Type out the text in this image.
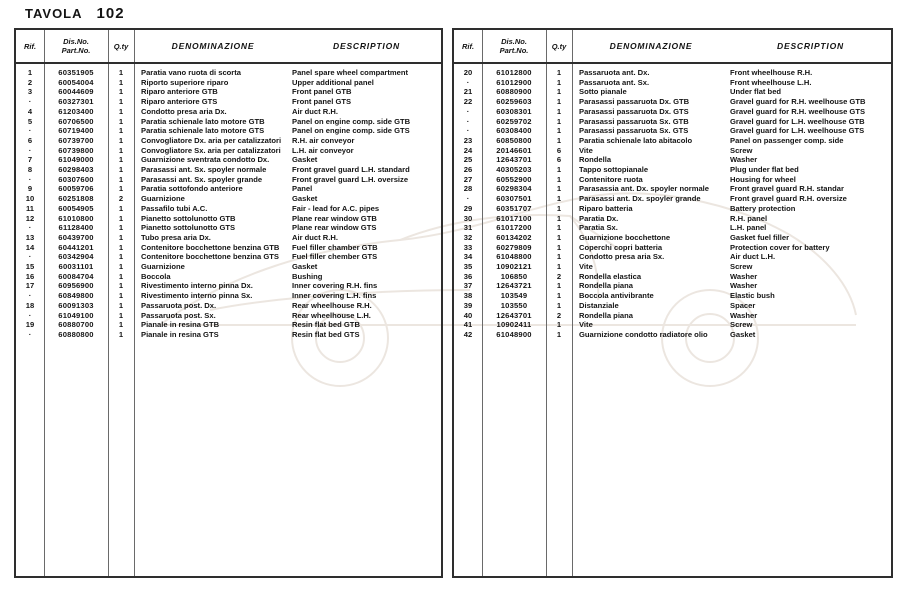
TAVOLA 102
Rif.	Dis.No.
Part.No.	Q.ty	DENOMINAZIONE	DESCRIPTION
1	60351905	1	Paratia vano ruota di scorta	Panel spare wheel compartment
2	60054004	1	Riporto superiore riparo	Upper additional panel
3	60044609	1	Riparo anteriore GTB	Front panel GTB
·	60327301	1	Riparo anteriore GTS	Front panel GTS
4	61203400	1	Condotto presa aria Dx.	Air duct R.H.
5	60706500	1	Paratia schienale lato motore GTB	Panel on engine comp. side GTB
·	60719400	1	Paratia schienale lato motore GTS	Panel on engine comp. side GTS
6	60739700	1	Convogliatore Dx. aria per catalizzatori	R.H. air conveyor
·	60739800	1	Convogliatore Sx. aria per catalizzatori	L.H. air conveyor
7	61049000	1	Guarnizione sventrata condotto Dx.	Gasket
8	60298403	1	Parasassi ant. Sx. spoyler normale	Front gravel guard L.H. standard
·	60307600	1	Parasassi ant. Sx. spoyler grande	Front gravel guard L.H. oversize
9	60059706	1	Paratia sottofondo anteriore	Panel
10	60251808	2	Guarnizione	Gasket
11	60054905	1	Passafilo tubi A.C.	Fair - lead for A.C. pipes
12	61010800	1	Pianetto sottolunotto GTB	Plane rear window GTB
·	61128400	1	Pianetto sottolunotto GTS	Plane rear window GTS
13	60439700	1	Tubo presa aria Dx.	Air duct R.H.
14	60441201	1	Contenitore bocchettone benzina GTB	Fuel filler chamber GTB
·	60342904	1	Contenitore bocchettone benzina GTS	Fuel filler chember GTS
15	60031101	1	Guarnizione	Gasket
16	60084704	1	Boccola	Bushing
17	60956900	1	Rivestimento interno pinna Dx.	Inner covering R.H. fins
·	60849800	1	Rivestimento interno pinna Sx.	Inner covering L.H. fins
18	60091303	1	Passaruota post. Dx.	Rear wheelhouse R.H.
·	61049100	1	Passaruota post. Sx.	Rear wheelhouse L.H.
19	60880700	1	Pianale in resina GTB	Resin flat bed GTB
·	60880800	1	Pianale in resina GTS	Resin flat bed GTS
Rif.	Dis.No.
Part.No.	Q.ty	DENOMINAZIONE	DESCRIPTION
20	61012800	1	Passaruota ant. Dx.	Front wheelhouse R.H.
·	61012900	1	Passaruota ant. Sx.	Front wheelhouse L.H.
21	60880900	1	Sotto pianale	Under flat bed
22	60259603	1	Parasassi passaruota Dx. GTB	Gravel guard for R.H. weelhouse GTB
·	60308301	1	Parasassi passaruota Dx. GTS	Gravel guard for R.H. weelhouse GTS
·	60259702	1	Parasassi passaruota Sx. GTB	Gravel guard for L.H. weelhouse GTB
·	60308400	1	Parasassi passaruota Sx. GTS	Gravel guard for L.H. weelhouse GTS
23	60850800	1	Paratia schienale lato abitacolo	Panel on passenger comp. side
24	20146601	6	Vite	Screw
25	12643701	6	Rondella	Washer
26	40305203	1	Tappo sottopianale	Plug under flat bed
27	60552900	1	Contenitore ruota	Housing for wheel
28	60298304	1	Parasassia ant. Dx. spoyler normale	Front gravel guard R.H. standar
·	60307501	1	Parasassi ant. Dx. spoyler grande	Front gravel guard R.H. oversize
29	60351707	1	Riparo batteria	Battery protection
30	61017100	1	Paratia Dx.	R.H. panel
31	61017200	1	Paratia Sx.	L.H. panel
32	60134202	1	Guarnizione bocchettone	Gasket fuel filler
33	60279809	1	Coperchi copri batteria	Protection cover for battery
34	61048800	1	Condotto presa aria Sx.	Air duct L.H.
35	10902121	1	Vite	Screw
36	106850	2	Rondella elastica	Washer
37	12643721	1	Rondella piana	Washer
38	103549	1	Boccola antivibrante	Elastic bush
39	103550	1	Distanziale	Spacer
40	12643701	2	Rondella piana	Washer
41	10902411	1	Vite	Screw
42	61048900	1	Guarnizione condotto radiatore olio	Gasket
